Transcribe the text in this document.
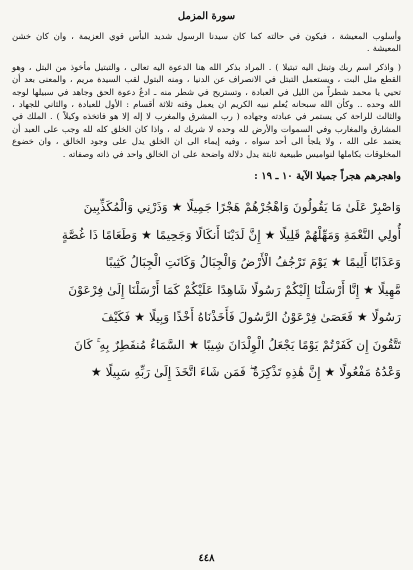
سورة المزمل

وأسلوب المعيشة ، فيكون في حالته كما كان سيدنا الرسول شديد البأس قوي العزيمة ، وان كان خشن المعيشة .

( واذكر اسم ربك وتبتل اليه تبتيلا ) . المراد بذكر الله هنا الدعوة اليه تعالى ، والتبتيل مأخوذ من البتل ، وهو القطع مثل البت ، ويستعمل التبتل في الانصراف عن الدنيا ، ومنه البتول لقب السيدة مريم ، والمعنى بعد أن تحيي يا محمد شطراً من الليل في العبادة ، وتستريح في شطر منه ـ ادعُ دعوة الحق وجاهد في سبيلها لوجه الله وحده .. وكأن الله سبحانه يُعلم نبيه الكريم ان يعمل وقته ثلاثة أقسام : الأول للعبادة ، والثاني للجهاد ، والثالث للراحة كي يستمر في عبادته وجهاده ( رب المشرق والمغرب لا إله إلا هو فاتخذه وكيلاً ) . الملك في المشارق والمغارب وفي السموات والأرض لله وحده لا شريك له ، واذا كان الخلق كله لله وجب على العبد أن يعتمد على الله ، ولا يلجأ الى أحد سواه ، وفيه إيماء الى ان الخلق يدل على وجود الخالق ، وان خضوع المخلوقات بكاملها لنواميس طبيعية ثابتة يدل دلالة واضحة على ان الخالق واحد في ذاته وصفاته .

واهجرهم هجراً جميلا الآية ١٠ ـ ١٩ :
وَاصْبِرْ عَلَىٰ مَا يَقُولُونَ وَاهْجُرْهُمْ هَجْرًا جَمِيلًا ★ وَذَرْنِي وَالْمُكَذِّبِينَ
أُولِي النَّعْمَةِ وَمَهِّلْهُمْ قَلِيلًا ★ إِنَّ لَدَيْنَا أَنكَالًا وَجَحِيمًا ★ وَطَعَامًا ذَا غُصَّةٍ
وَعَذَابًا أَلِيمًا ★ يَوْمَ تَرْجُفُ الْأَرْضُ وَالْجِبَالُ وَكَانَتِ الْجِبَالُ كَثِيبًا
مَّهِيلًا ★ إِنَّا أَرْسَلْنَا إِلَيْكُمْ رَسُولًا شَاهِدًا عَلَيْكُمْ كَمَا أَرْسَلْنَا إِلَىٰ فِرْعَوْنَ
رَسُولًا ★ فَعَصَىٰ فِرْعَوْنُ الرَّسُولَ فَأَخَذْنَاهُ أَخْذًا وَبِيلًا ★ فَكَيْفَ
تَتَّقُونَ إِن كَفَرْتُمْ يَوْمًا يَجْعَلُ الْوِلْدَانَ شِيبًا ★ السَّمَاءُ مُنفَطِرٌ بِهِ ۚ كَانَ
وَعْدُهُ مَفْعُولًا ★ إِنَّ هَٰذِهِ تَذْكِرَةٌ ۖ فَمَن شَاءَ اتَّخَذَ إِلَىٰ رَبِّهِ سَبِيلًا ★
٤٤٨
